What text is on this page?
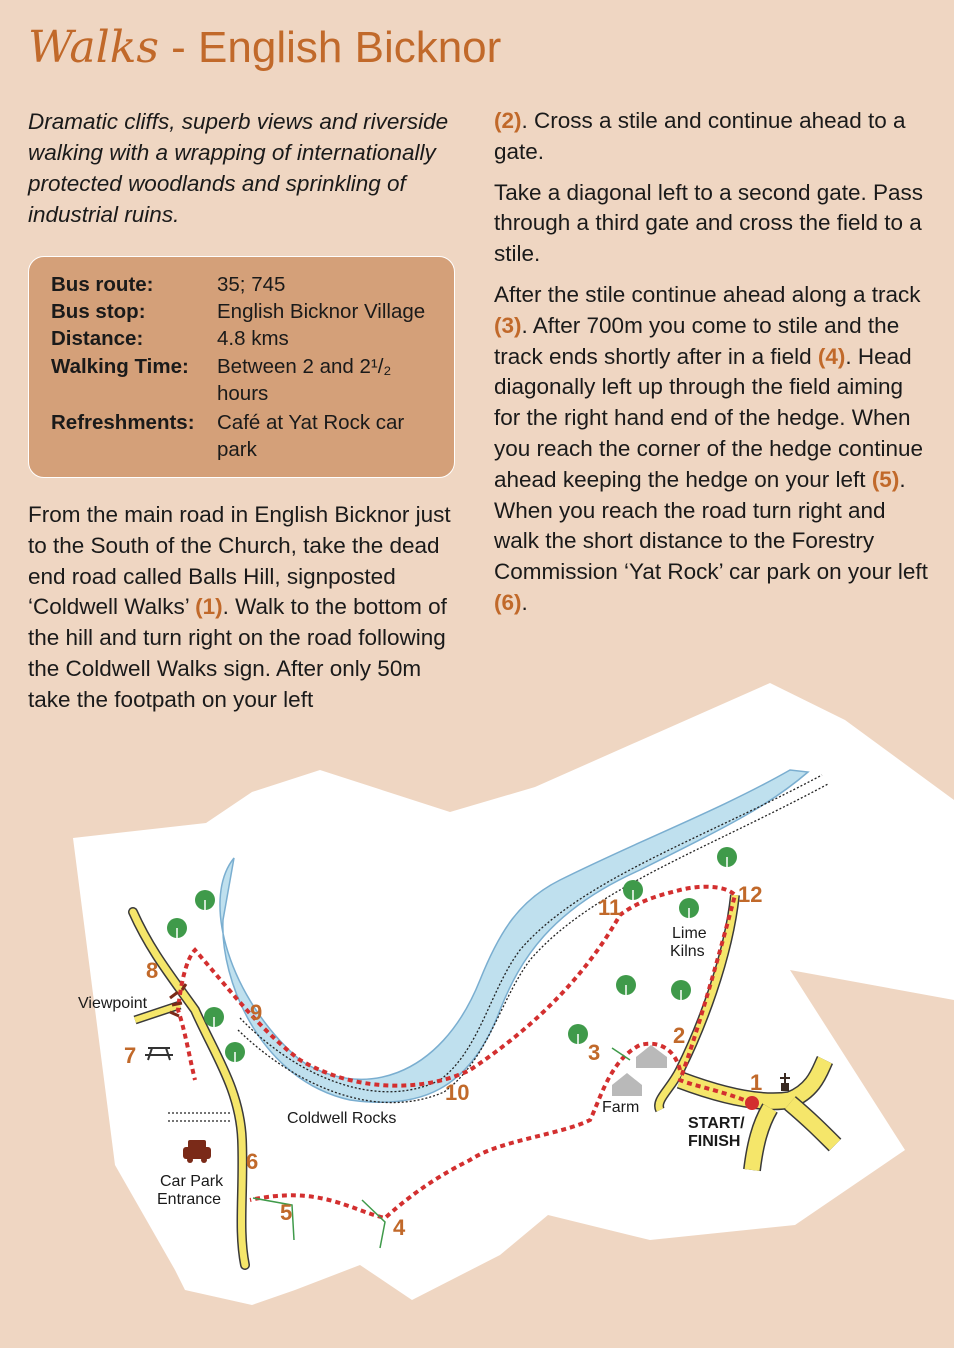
Walks - English Bicknor
Dramatic cliffs, superb views and riverside walking with a wrapping of internationally protected woodlands and sprinkling of industrial ruins.
Bus route:	35; 745
Bus stop:	English Bicknor Village
Distance:	4.8 kms
Walking Time: Between 2 and 2¹/₂ hours
Refreshments: Café at Yat Rock car park

From the main road in English Bicknor just to the South of the Church, take the dead end road called Balls Hill, signposted ‘Coldwell Walks’ (1). Walk to the bottom of the hill and turn right on the road following the Coldwell Walks sign. After only 50m take the footpath on your left

(2). Cross a stile and continue ahead to a gate.

Take a diagonal left to a second gate. Pass through a third gate and cross the field to a stile.

After the stile continue ahead along a track (3). After 700m you come to stile and the track ends shortly after in a field (4). Head diagonally left up through the field aiming for the right hand end of the hedge. When you reach the corner of the hedge continue ahead keeping the hedge on your left (5). When you reach the road turn right and walk the short distance to the Forestry Commission ‘Yat Rock’ car park on your left (6).

Viewpoint
Coldwell Rocks
Car Park
Entrance
Farm
Lime
Kilns
START/
FINISH
1
2
3
4
5
6
7
8
9
10
11
12
